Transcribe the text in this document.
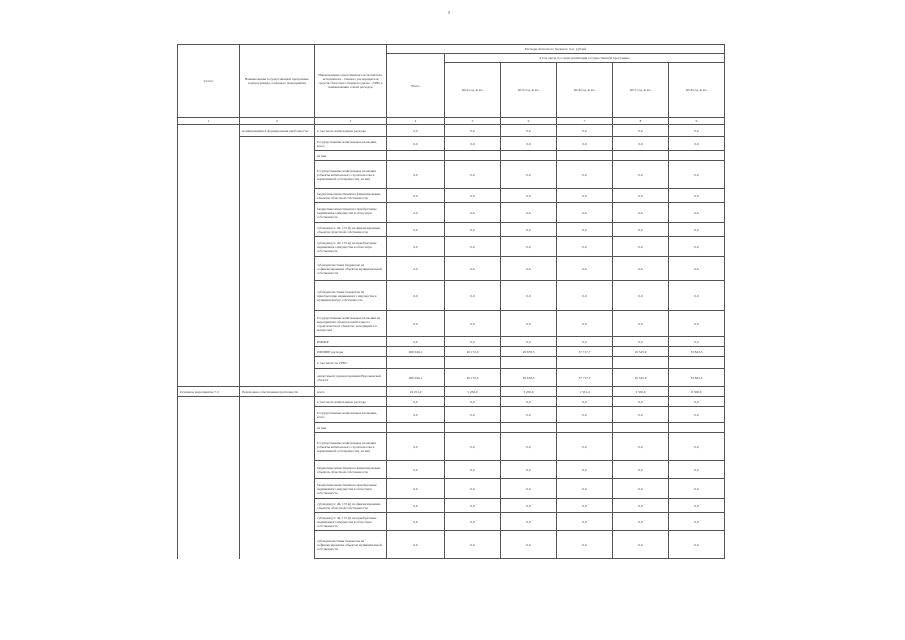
8
Статус	Наименование государственной программы, подпрограммы, основного мероприятия	Наименование ответственного исполнителя, исполнителя - главного распорядителя средств областного бюджета (далее - ГРБС), наименование статей расходов	Расходы областного бюджета, тыс. рублей					
			Всего	в том числе по годам реализации государственной программы				
				2014 год, всего	2015 год, всего	2016 год, всего	2017 год, всего	2018 год, всего
1	2	3	4	5	6	7	8	9
	возникновения и формирования пробочности	в том числе капитальные расходы	0,0	0,0	0,0	0,0	0,0	0,0
		Государственные капитальные вложения, всего	0,0	0,0	0,0	0,0	0,0	0,0
		из них						
		Государственные капитальные вложения (объекты капитального строительства и нормативной собственности), из них	0,0	0,0	0,0	0,0	0,0	0,0
		бюджетные инвестиции на финансирование объектов областной собственности	0,0	0,0	0,0	0,0	0,0	0,0
		бюджетные инвестиции на приобретение недвижимого имущества в областную собственность	0,0	0,0	0,0	0,0	0,0	0,0
		субсидии (ст. 49, 172 ф) на финансирование объектов областной собственности	0,0	0,0	0,0	0,0	0,0	0,0
		субсидии (ст. 49, 172 ф) на приобретение недвижимого имущества в областную собственность	0,0	0,0	0,0	0,0	0,0	0,0
		субсидии местным бюджетам на софинансирование объектов муниципальной собственности	0,0	0,0	0,0	0,0	0,0	0,0
		субсидии местным бюджетам на приобретение недвижимого имущества в муниципальную собственность	0,0	0,0	0,0	0,0	0,0	0,0
		Государственные капитальные вложения на мероприятия объектов капитального строительства и объектов, находящихся в концессии	0,0	0,0	0,0	0,0	0,0	0,0
		НИОКР	0,0	0,0	0,0	0,0	0,0	0,0
		ПРОЧИЕ расходы	490 046,1	26 172,0	29 678,5	57 717,7	16 545,9	33 843,5
		в том числе по ГРБС:						
		департамент здравоохранения Воронежской области	490 046,1	26 172,0	29 678,5	57 717,7	16 545,9	33 843,5
Основное мероприятие 7.2	Пенсионное обеспечение пробочности	всего	16 251,0	5 256,0	3 250,0	1 331,4	3 350,0	6 500,0
		в том числе капитальные расходы	0,0	0,0	0,0	0,0	0,0	0,0
		Государственные капитальные вложения, всего	0,0	0,0	0,0	0,0	0,0	0,0
		из них						
		Государственные капитальные вложения (объекты капитального строительства и нормативной собственности), из них	0,0	0,0	0,0	0,0	0,0	0,0
		бюджетные инвестиции на финансирование объектов областной собственности	0,0	0,0	0,0	0,0	0,0	0,0
		бюджетные инвестиции на приобретение недвижимого имущества в областную собственность	0,0	0,0	0,0	0,0	0,0	0,0
		субсидии (ст. 49, 172 ф) на финансирование объектов областной собственности	0,0	0,0	0,0	0,0	0,0	0,0
		субсидии (ст. 49, 172 ф) на приобретение недвижимого имущества в областную собственность	0,0	0,0	0,0	0,0	0,0	0,0
		субсидии местным бюджетам на софинансирование объектов муниципальной собственности	0,0	0,0	0,0	0,0	0,0	0,0
